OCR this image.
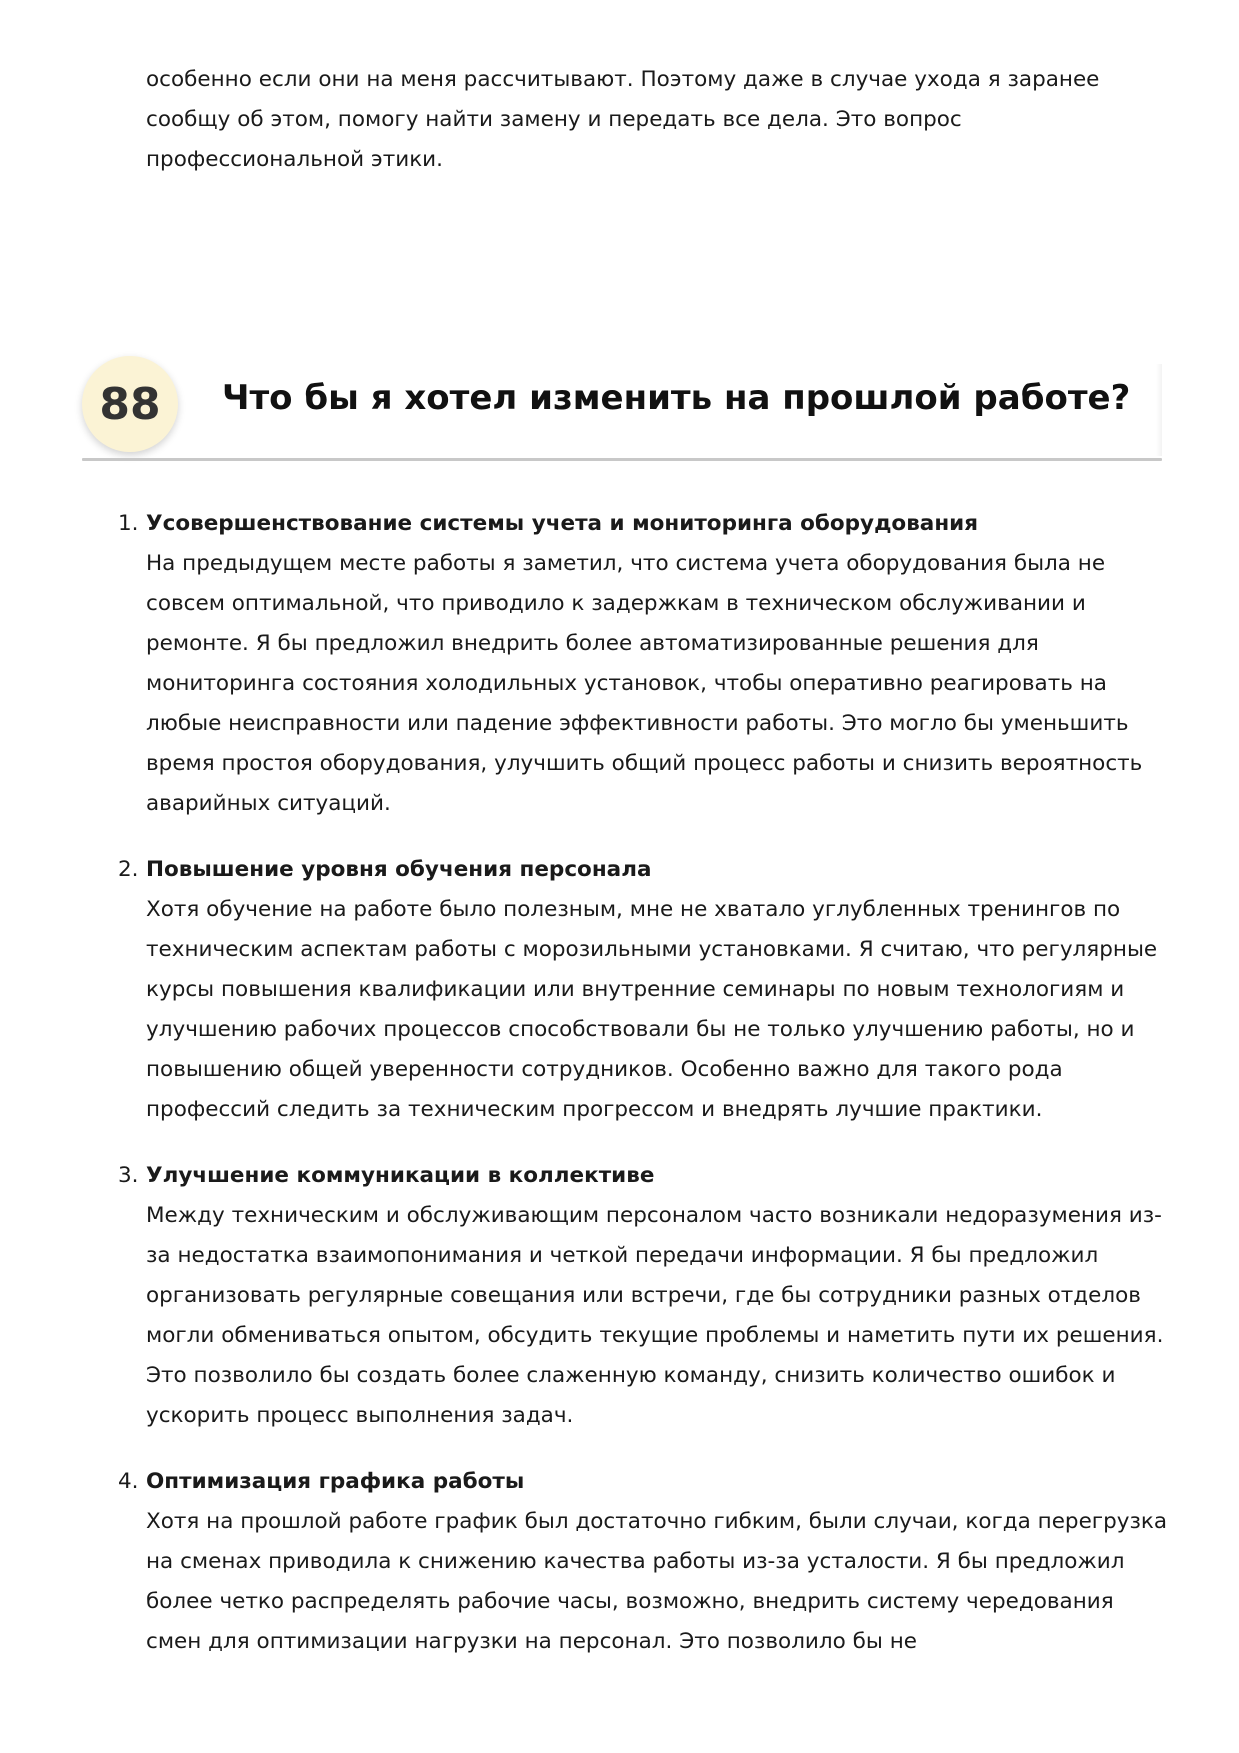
особенно если они на меня рассчитывают. Поэтому даже в случае ухода я заранее сообщу об этом, помогу найти замену и передать все дела. Это вопрос профессиональной этики.

88	Что бы я хотел изменить на прошлой работе?
1. Усовершенствование системы учета и мониторинга оборудования
На предыдущем месте работы я заметил, что система учета оборудования была не совсем оптимальной, что приводило к задержкам в техническом обслуживании и ремонте. Я бы предложил внедрить более автоматизированные решения для мониторинга состояния холодильных установок, чтобы оперативно реагировать на любые неисправности или падение эффективности работы. Это могло бы уменьшить время простоя оборудования, улучшить общий процесс работы и снизить вероятность аварийных ситуаций.
2. Повышение уровня обучения персонала
Хотя обучение на работе было полезным, мне не хватало углубленных тренингов по техническим аспектам работы с морозильными установками. Я считаю, что регулярные курсы повышения квалификации или внутренние семинары по новым технологиям и улучшению рабочих процессов способствовали бы не только улучшению работы, но и повышению общей уверенности сотрудников. Особенно важно для такого рода профессий следить за техническим прогрессом и внедрять лучшие практики.
3. Улучшение коммуникации в коллективе
Между техническим и обслуживающим персоналом часто возникали недоразумения из-за недостатка взаимопонимания и четкой передачи информации. Я бы предложил организовать регулярные совещания или встречи, где бы сотрудники разных отделов могли обмениваться опытом, обсудить текущие проблемы и наметить пути их решения. Это позволило бы создать более слаженную команду, снизить количество ошибок и ускорить процесс выполнения задач.
4. Оптимизация графика работы
Хотя на прошлой работе график был достаточно гибким, были случаи, когда перегрузка на сменах приводила к снижению качества работы из-за усталости. Я бы предложил более четко распределять рабочие часы, возможно, внедрить систему чередования смен для оптимизации нагрузки на персонал. Это позволило бы не
